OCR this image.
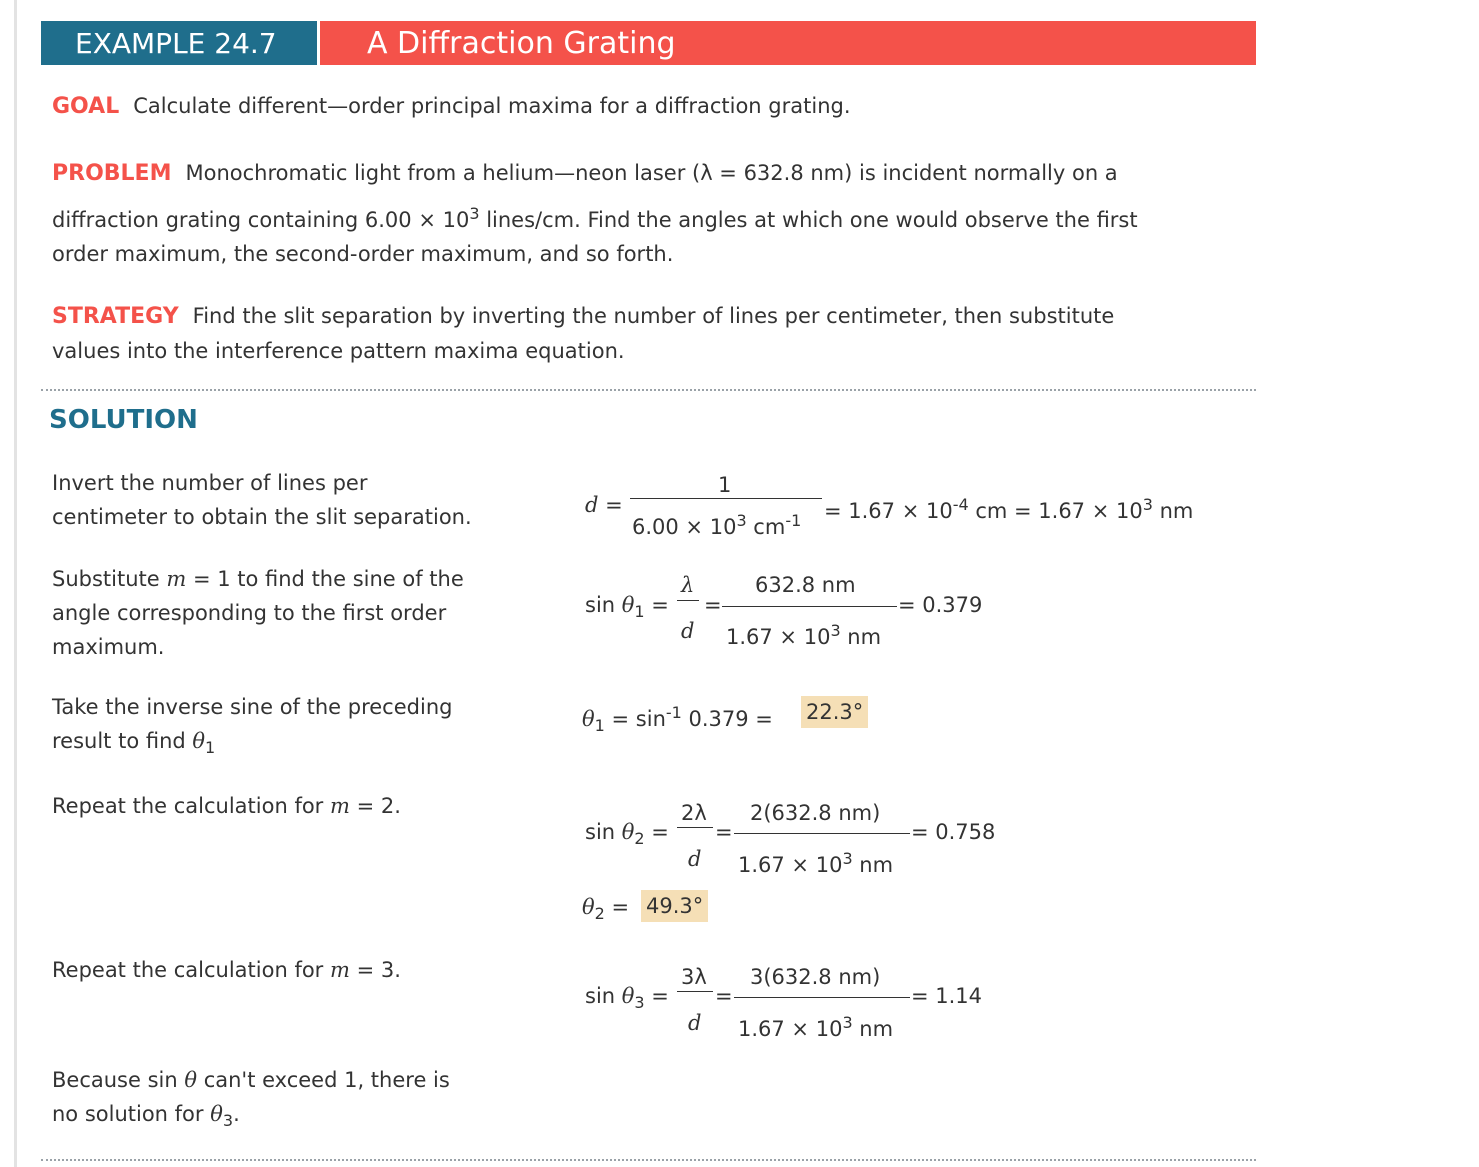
EXAMPLE 24.7	A Diffraction Grating
GOAL Calculate different—order principal maxima for a diffraction grating.
PROBLEM Monochromatic light from a helium—neon laser (λ = 632.8 nm) is incident normally on a
diffraction grating containing $6.00 \times 10^3$ lines/cm. Find the angles at which one would observe the first
order maximum, the second-order maximum, and so forth.
STRATEGY Find the slit separation by inverting the number of lines per centimeter, then substitute
values into the interference pattern maxima equation.
SOLUTION
Invert the number of lines per
centimeter to obtain the slit separation.
Substitute m = 1 to find the sine of the
angle corresponding to the first order
maximum.
Take the inverse sine of the preceding
result to find $\theta_1$
Repeat the calculation for m = 2.
Repeat the calculation for m = 3.
Because sin θ can't exceed 1, there is
no solution for $\theta_3$.
d =
1
$6.00 \times 10^3$ $cm^{-1} = 1.67 \times 10^{-4}$ cm = $1.67 \times 10^3$ nm
$\sin \theta_1$ =
λ
d
=
632.8 nm
$1.67 \times 10^3$ nm
= 0.379
$\theta_1 = \sin^{-1} 0.379 = 22.3^\circ$
$\sin \theta_2$ =
2λ
d
=
2(632.8 nm)
$1.67 \times 10^3$ nm
= 0.758
$\theta_2 = 49.3^\circ$
$\sin \theta_3$ =
3λ
d
=
3(632.8 nm)
$1.67 \times 10^3$ nm
= 1.14
